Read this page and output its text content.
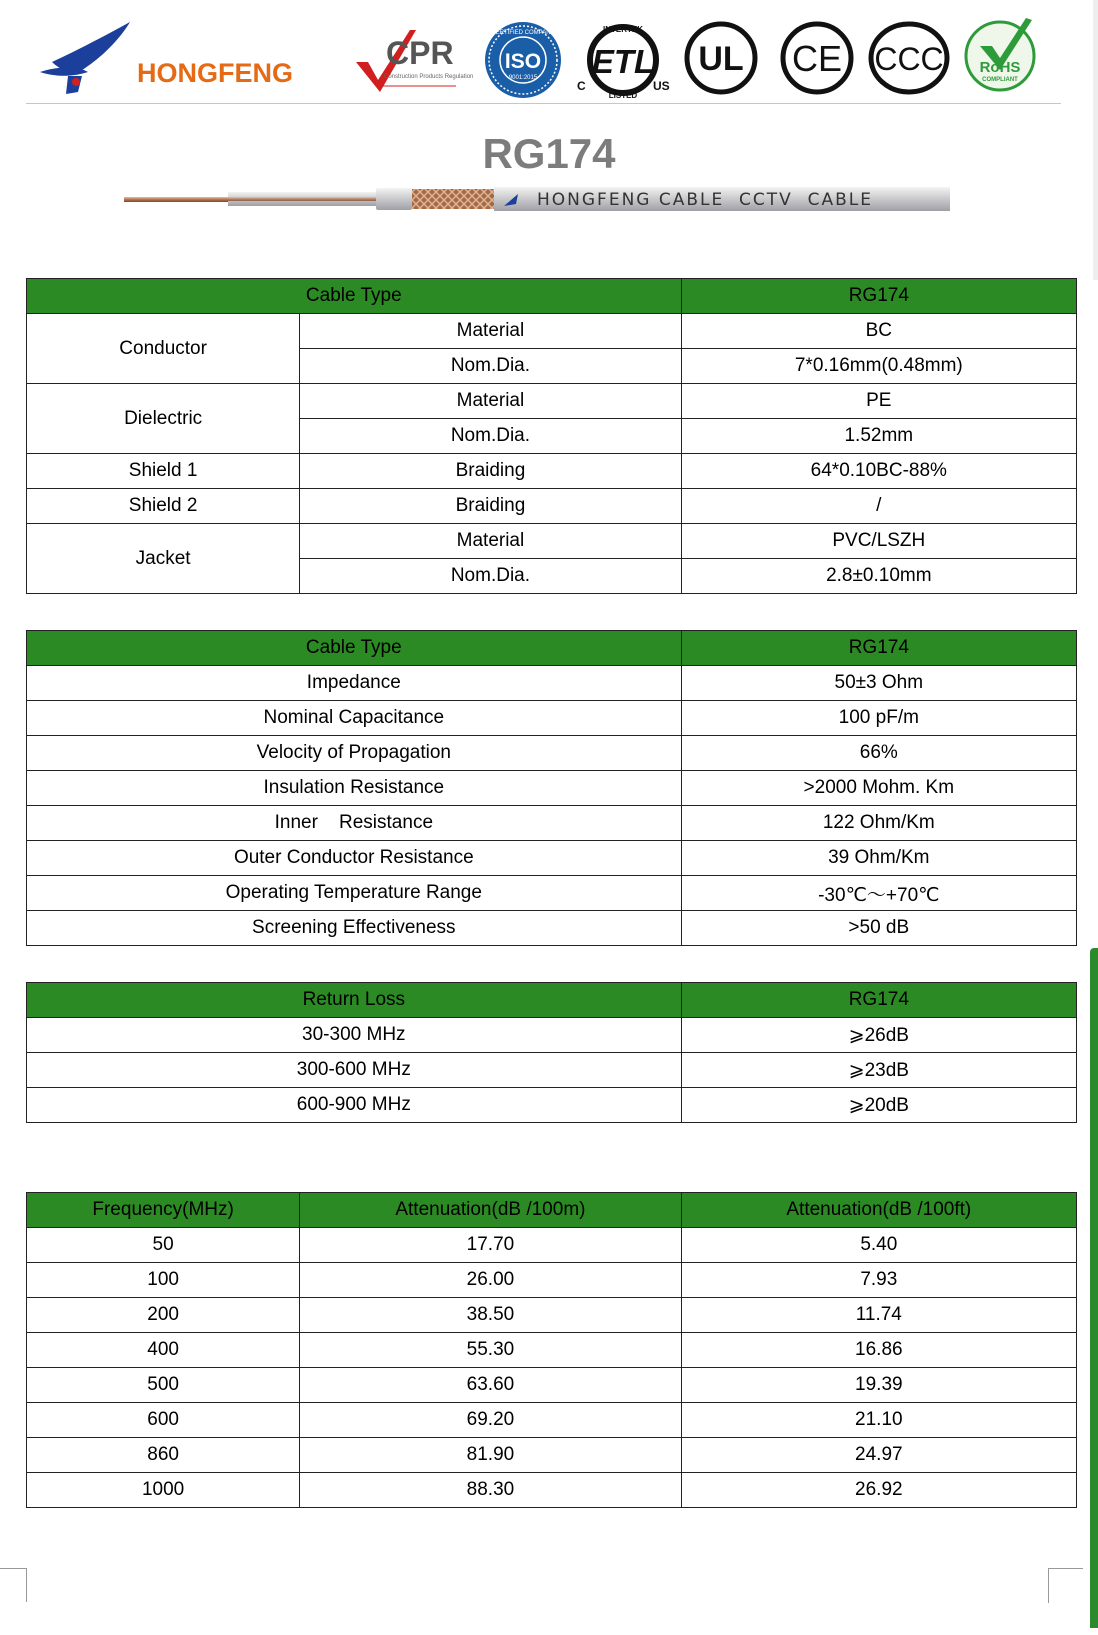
HONGFENG
CPR
Construction Products Regulation
ISO
9001:2015
CERTIFIED COMPANY
ETL
INTERTEK
LISTED
C	US
UL CE CCC RoHS
COMPLIANT
RG174
HONGFENG CABLE  CCTV  CABLE
Cable Type		RG174
Conductor	Material	BC
	Nom.Dia.	7*0.16mm(0.48mm)
Dielectric	Material	PE
	Nom.Dia.	1.52mm
Shield 1	Braiding	64*0.10BC-88%
Shield 2	Braiding	/
Jacket	Material	PVC/LSZH
	Nom.Dia.	2.8±0.10mm
Cable Type	RG174
Impedance	50±3 Ohm
Nominal Capacitance	100 pF/m
Velocity of Propagation	66%
Insulation Resistance	>2000 Mohm. Km
Inner    Resistance	122 Ohm/Km
Outer Conductor Resistance	39 Ohm/Km
Operating Temperature Range	-30℃～+70℃
Screening Effectiveness	>50 dB
Return Loss	RG174
30-300 MHz	⩾26dB
300-600 MHz	⩾23dB
600-900 MHz	⩾20dB
Frequency(MHz)	Attenuation(dB /100m)	Attenuation(dB /100ft)
50	17.70	5.40
100	26.00	7.93
200	38.50	11.74
400	55.30	16.86
500	63.60	19.39
600	69.20	21.10
860	81.90	24.97
1000	88.30	26.92
